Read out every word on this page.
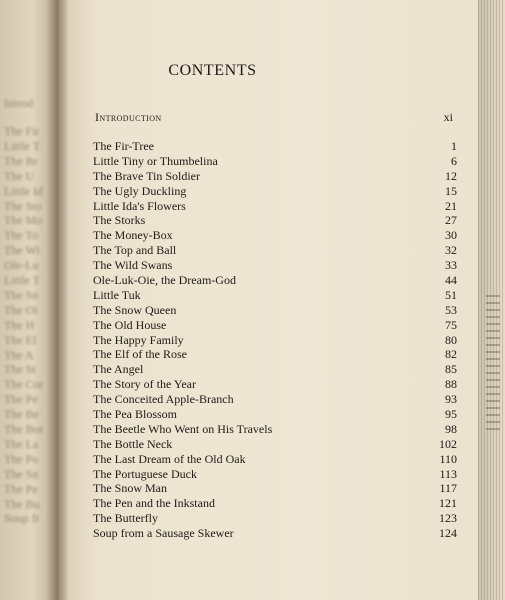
Introd
The Fir
Little T
The Br
The U
Little Id
The Sto
The Mo
The To
The Wi
Ole-Lu
Little T
The Sn
The Ol
The H
The El
The A
The St
The Cor
The Pe
The Be
The Bot
The La
The Po
The Sn
The Pe
The Bu
Soup fr
CONTENTS
Introduction	xi
The Fir-Tree	1
Little Tiny or Thumbelina	6
The Brave Tin Soldier	12
The Ugly Duckling	15
Little Ida's Flowers	21
The Storks	27
The Money-Box	30
The Top and Ball	32
The Wild Swans	33
Ole-Luk-Oie, the Dream-God	44
Little Tuk	51
The Snow Queen	53
The Old House	75
The Happy Family	80
The Elf of the Rose	82
The Angel	85
The Story of the Year	88
The Conceited Apple-Branch	93
The Pea Blossom	95
The Beetle Who Went on His Travels	98
The Bottle Neck	102
The Last Dream of the Old Oak	110
The Portuguese Duck	113
The Snow Man	117
The Pen and the Inkstand	121
The Butterfly	123
Soup from a Sausage Skewer	124
